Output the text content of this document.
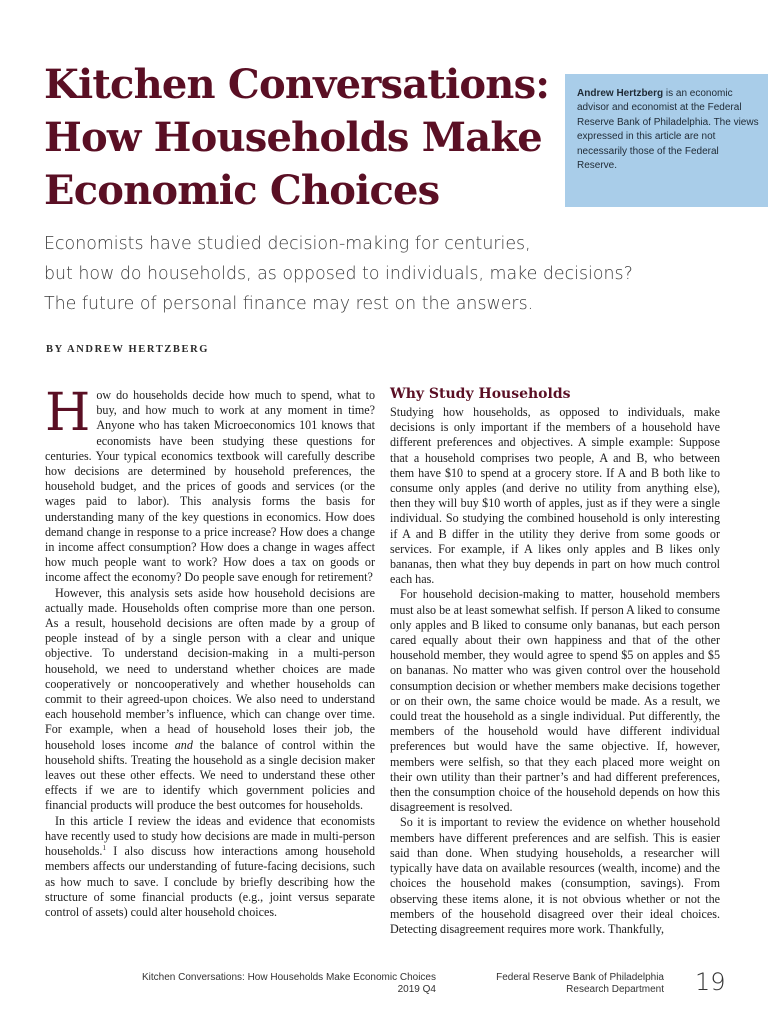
Kitchen Conversations:
How Households Make
Economic Choices
Andrew Hertzberg is an economic advisor and economist at the Federal Reserve Bank of Philadelphia. The views expressed in this article are not necessarily those of the Federal Reserve.
Economists have studied decision-making for centuries,
but how do households, as opposed to individuals, make decisions?
The future of personal finance may rest on the answers.
BY ANDREW HERTZBERG

How do households decide how much to spend, what to buy, and how much to work at any moment in time? Anyone who has taken Microeconomics 101 knows that economists have been studying these questions for centuries. Your typical economics textbook will carefully describe how decisions are determined by household preferences, the household budget, and the prices of goods and services (or the wages paid to labor). This analysis forms the basis for understanding many of the key questions in economics. How does demand change in response to a price increase? How does a change in income affect consumption? How does a change in wages affect how much people want to work? How does a tax on goods or income affect the economy? Do people save enough for retirement?

However, this analysis sets aside how household decisions are actually made. Households often comprise more than one person. As a result, household decisions are often made by a group of people instead of by a single person with a clear and unique objective. To understand decision-making in a multi-person household, we need to understand whether choices are made cooperatively or noncooperatively and whether households can commit to their agreed-upon choices. We also need to understand each household member’s influence, which can change over time. For example, when a head of household loses their job, the household loses income and the balance of control within the household shifts. Treating the household as a single decision maker leaves out these other effects. We need to understand these other effects if we are to identify which government policies and financial products will produce the best outcomes for households.

In this article I review the ideas and evidence that economists have recently used to study how decisions are made in multi-person households.$^1$ I also discuss how interactions among household members affects our understanding of future-facing decisions, such as how much to save. I conclude by briefly describing how the structure of some financial products (e.g., joint versus separate control of assets) could alter household choices.

Why Study Households

Studying how households, as opposed to individuals, make decisions is only important if the members of a household have different preferences and objectives. A simple example: Suppose that a household comprises two people, A and B, who between them have $10 to spend at a grocery store. If A and B both like to consume only apples (and derive no utility from anything else), then they will buy $10 worth of apples, just as if they were a single individual. So studying the combined household is only interesting if A and B differ in the utility they derive from some goods or services. For example, if A likes only apples and B likes only bananas, then what they buy depends in part on how much control each has.

For household decision-making to matter, household members must also be at least somewhat selfish. If person A liked to consume only apples and B liked to consume only bananas, but each person cared equally about their own happiness and that of the other household member, they would agree to spend $5 on apples and $5 on bananas. No matter who was given control over the household consumption decision or whether members make decisions together or on their own, the same choice would be made. As a result, we could treat the household as a single individual. Put differently, the members of the household would have different individual preferences but would have the same objective. If, however, members were selfish, so that they each placed more weight on their own utility than their partner’s and had different preferences, then the consumption choice of the household depends on how this disagreement is resolved.

So it is important to review the evidence on whether household members have different preferences and are selfish. This is easier said than done. When studying households, a researcher will typically have data on available resources (wealth, income) and the choices the household makes (consumption, savings). From observing these items alone, it is not obvious whether or not the members of the household disagreed over their ideal choices. Detecting disagreement requires more work. Thankfully,

Kitchen Conversations: How Households Make Economic Choices
2019 Q4
Federal Reserve Bank of Philadelphia
Research Department 19
